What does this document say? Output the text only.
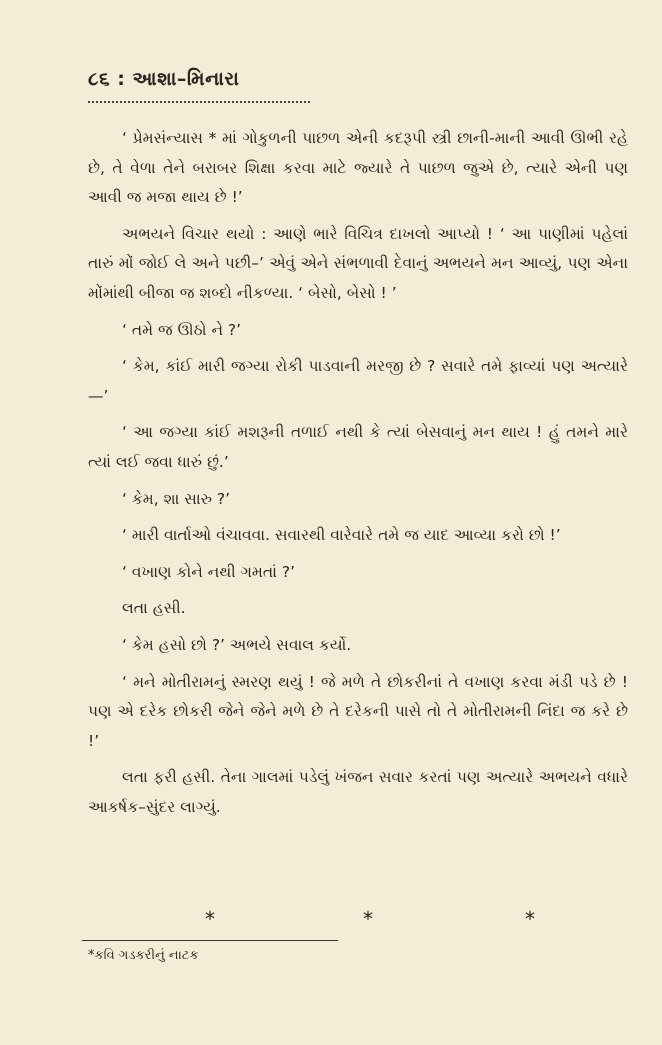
૮૬ : આશા–મિનારા

‘ પ્રેમસંન્યાસ * માં ગોકુળની પાછળ એની કદરૂપી સ્ત્રી છાની-માની આવી ઊભી રહે છે, તે વેળા તેને બરાબર શિક્ષા કરવા માટે જ્યારે તે પાછળ જુએ છે, ત્યારે એની પણ આવી જ મજા થાય છે !’

અભયને વિચાર થયો : આણે ભારે વિચિત્ર દાખલો આપ્યો ! ‘ આ પાણીમાં પહેલાં તારું મોં જોઈ લે અને પછી–’ એવું એને સંભળાવી દેવાનું અભયને મન આવ્યું, પણ એના મોંમાંથી બીજા જ શબ્દો નીકળ્યા. ‘ બેસો, બેસો ! ’

‘ તમે જ ઊઠો ને ?’

‘ કેમ, કાંઈ મારી જગ્યા રોકી પાડવાની મરજી છે ? સવારે તમે ફાવ્યાં પણ અત્યારે—’

‘ આ જગ્યા કાંઈ મશરૂની તળાઈ નથી કે ત્યાં બેસવાનું મન થાય ! હું તમને મારે ત્યાં લઈ જવા ધારું છું.’

‘ કેમ, શા સારુ ?’

‘ મારી વાર્તાઓ વંચાવવા. સવારથી વારેવારે તમે જ યાદ આવ્યા કરો છો !’

‘ વખાણ કોને નથી ગમતાં ?’

લતા હસી.

‘ કેમ હસો છો ?’ અભયે સવાલ કર્યો.

‘ મને મોતીરામનું સ્મરણ થયું ! જે મળે તે છોકરીનાં તે વખાણ કરવા મંડી પડે છે ! પણ એ દરેક છોકરી જેને જેને મળે છે તે દરેકની પાસે તો તે મોતીરામની નિંદા જ કરે છે !’

લતા ફરી હસી. તેના ગાલમાં પડેલું ખંજન સવાર કરતાં પણ અત્યારે અભયને વધારે આકર્ષક–સુંદર લાગ્યું.

*	*	*
*કવિ ગડકરીનું નાટક
